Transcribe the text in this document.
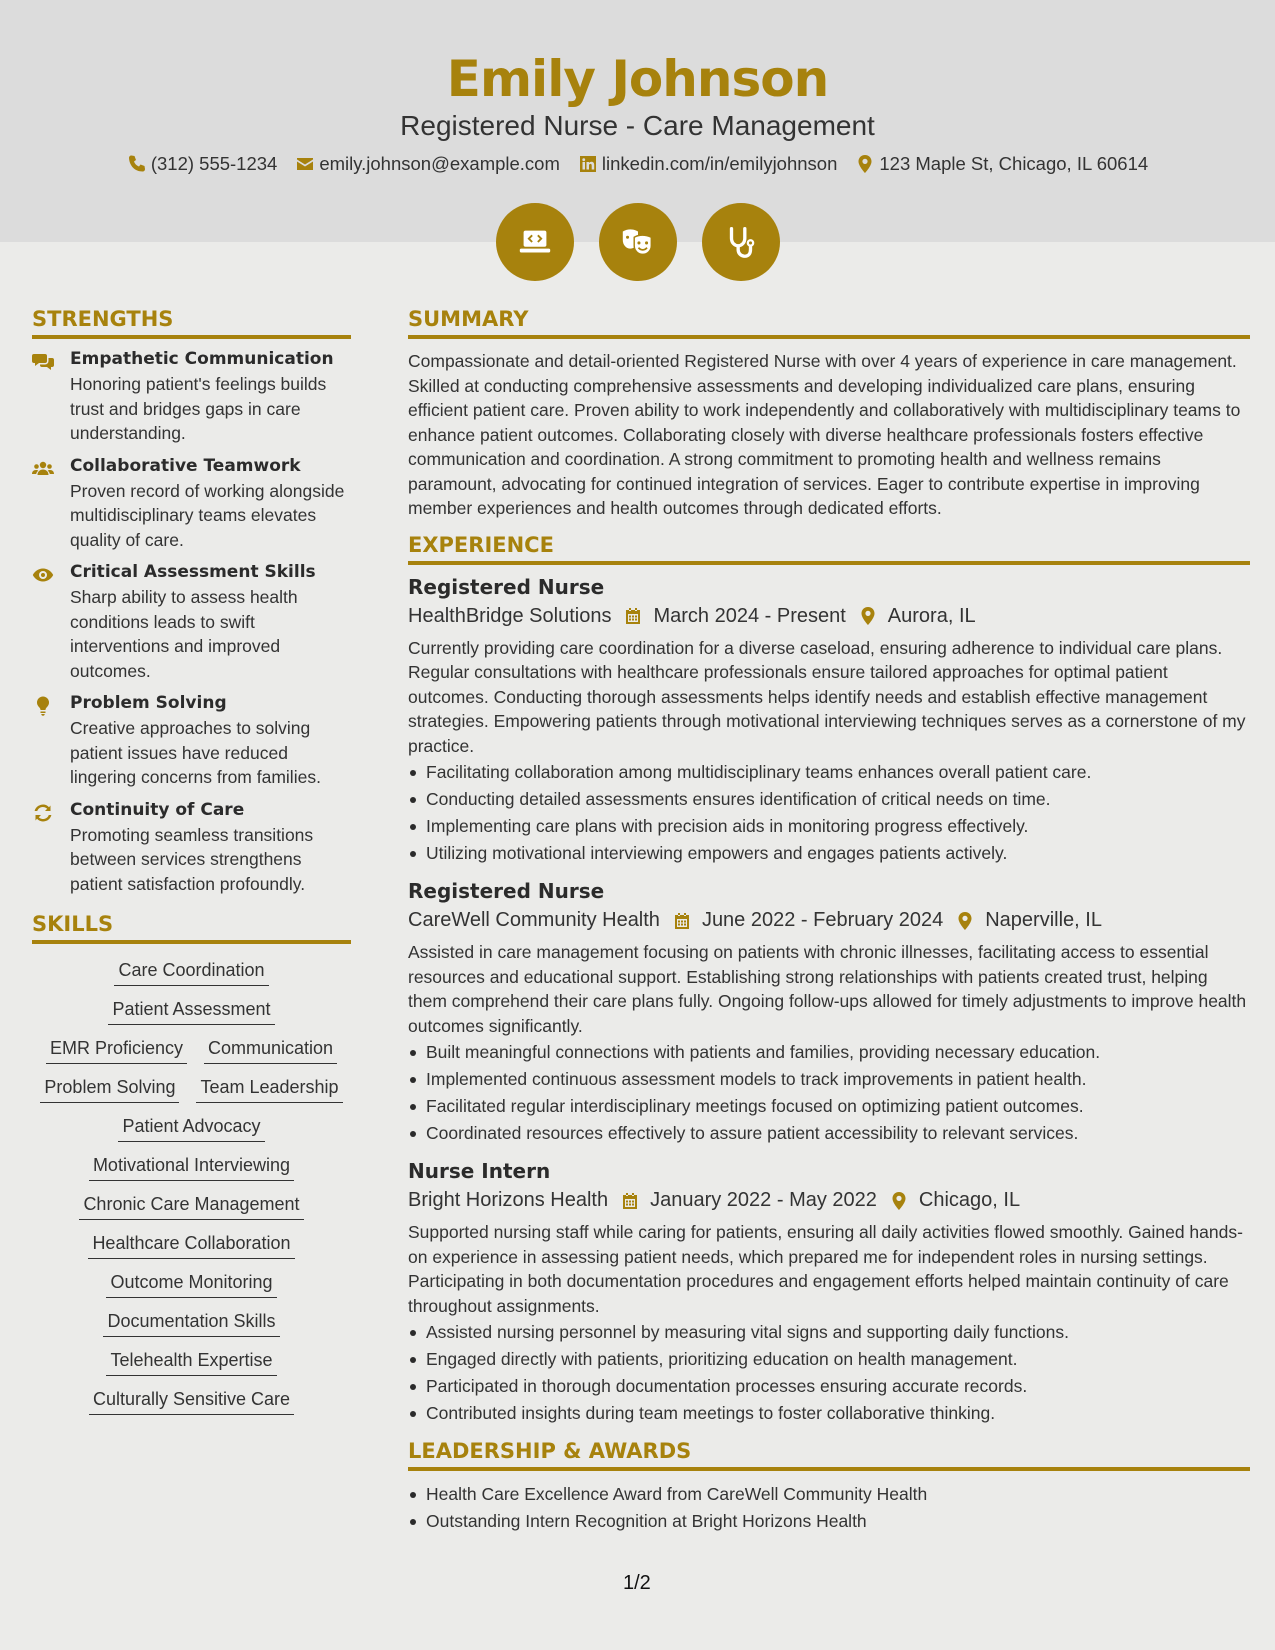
Emily Johnson
Registered Nurse - Care Management
(312) 555-1234 emily.johnson@example.com linkedin.com/in/emilyjohnson 123 Maple St, Chicago, IL 60614
STRENGTHS
Empathetic Communication

Honoring patient's feelings builds trust and bridges gaps in care understanding.

Collaborative Teamwork

Proven record of working alongside multidisciplinary teams elevates quality of care.

Critical Assessment Skills

Sharp ability to assess health conditions leads to swift interventions and improved outcomes.

Problem Solving

Creative approaches to solving patient issues have reduced lingering concerns from families.

Continuity of Care

Promoting seamless transitions between services strengthens patient satisfaction profoundly.

SKILLS
Care Coordination
Patient Assessment
EMR Proficiency Communication
Problem Solving Team Leadership
Patient Advocacy
Motivational Interviewing
Chronic Care Management
Healthcare Collaboration
Outcome Monitoring
Documentation Skills
Telehealth Expertise
Culturally Sensitive Care
SUMMARY

Compassionate and detail-oriented Registered Nurse with over 4 years of experience in care management. Skilled at conducting comprehensive assessments and developing individualized care plans, ensuring efficient patient care. Proven ability to work independently and collaboratively with multidisciplinary teams to enhance patient outcomes. Collaborating closely with diverse healthcare professionals fosters effective communication and coordination. A strong commitment to promoting health and wellness remains paramount, advocating for continued integration of services. Eager to contribute expertise in improving member experiences and health outcomes through dedicated efforts.

EXPERIENCE
Registered Nurse
HealthBridge Solutions March 2024 - Present Aurora, IL

Currently providing care coordination for a diverse caseload, ensuring adherence to individual care plans. Regular consultations with healthcare professionals ensure tailored approaches for optimal patient outcomes. Conducting thorough assessments helps identify needs and establish effective management strategies. Empowering patients through motivational interviewing techniques serves as a cornerstone of my practice.

Facilitating collaboration among multidisciplinary teams enhances overall patient care.
Conducting detailed assessments ensures identification of critical needs on time.
Implementing care plans with precision aids in monitoring progress effectively.
Utilizing motivational interviewing empowers and engages patients actively.
Registered Nurse
CareWell Community Health June 2022 - February 2024 Naperville, IL

Assisted in care management focusing on patients with chronic illnesses, facilitating access to essential resources and educational support. Establishing strong relationships with patients created trust, helping them comprehend their care plans fully. Ongoing follow-ups allowed for timely adjustments to improve health outcomes significantly.

Built meaningful connections with patients and families, providing necessary education.
Implemented continuous assessment models to track improvements in patient health.
Facilitated regular interdisciplinary meetings focused on optimizing patient outcomes.
Coordinated resources effectively to assure patient accessibility to relevant services.
Nurse Intern
Bright Horizons Health January 2022 - May 2022 Chicago, IL

Supported nursing staff while caring for patients, ensuring all daily activities flowed smoothly. Gained hands-on experience in assessing patient needs, which prepared me for independent roles in nursing settings. Participating in both documentation procedures and engagement efforts helped maintain continuity of care throughout assignments.

Assisted nursing personnel by measuring vital signs and supporting daily functions.
Engaged directly with patients, prioritizing education on health management.
Participated in thorough documentation processes ensuring accurate records.
Contributed insights during team meetings to foster collaborative thinking.
LEADERSHIP & AWARDS
Health Care Excellence Award from CareWell Community Health
Outstanding Intern Recognition at Bright Horizons Health
1/2
